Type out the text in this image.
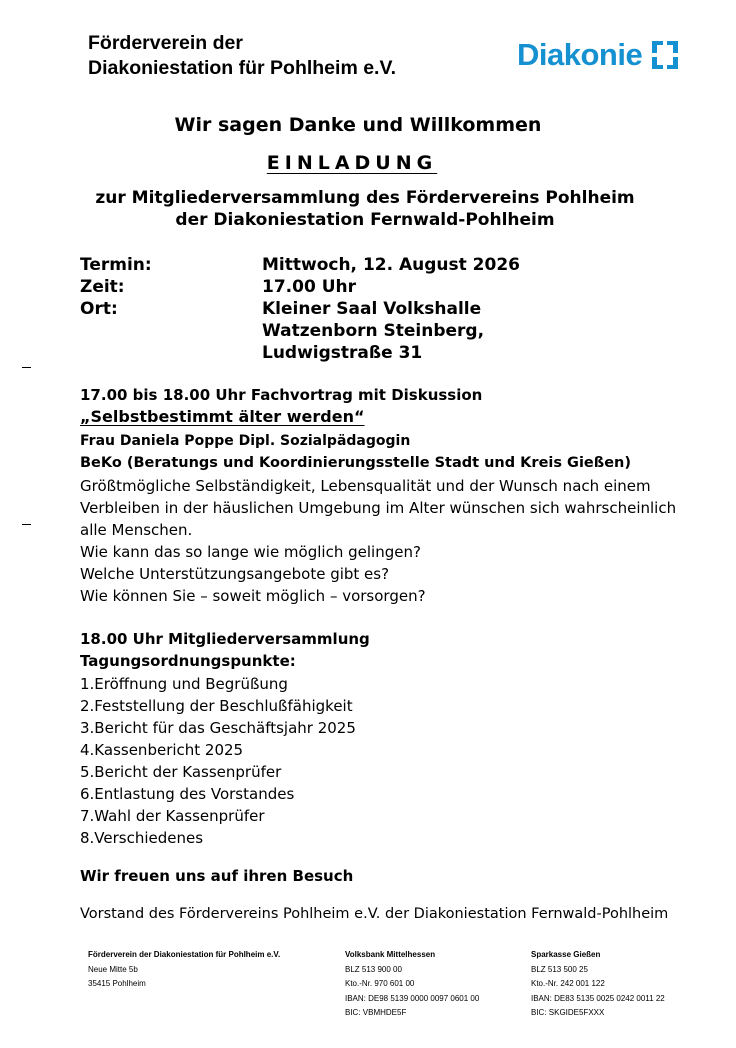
Förderverein der
Diakoniestation für Pohlheim e.V.	Diakonie
Wir sagen Danke und Willkommen
EINLADUNG
zur Mitgliederversammlung des Fördervereins Pohlheim
der Diakoniestation Fernwald-Pohlheim
Termin:	Mittwoch, 12. August 2026
Zeit:	17.00 Uhr
Ort:	Kleiner Saal Volkshalle
Watzenborn Steinberg,
Ludwigstraße 31
17.00 bis 18.00 Uhr Fachvortrag mit Diskussion
„Selbstbestimmt älter werden“
Frau Daniela Poppe Dipl. Sozialpädagogin
BeKo (Beratungs und Koordinierungsstelle Stadt und Kreis Gießen)
Größtmögliche Selbständigkeit, Lebensqualität und der Wunsch nach einem
Verbleiben in der häuslichen Umgebung im Alter wünschen sich wahrscheinlich
alle Menschen.
Wie kann das so lange wie möglich gelingen?
Welche Unterstützungsangebote gibt es?
Wie können Sie – soweit möglich – vorsorgen?
18.00 Uhr Mitgliederversammlung
Tagungsordnungspunkte:
1.Eröffnung und Begrüßung
2.Feststellung der Beschlußfähigkeit
3.Bericht für das Geschäftsjahr 2025
4.Kassenbericht 2025
5.Bericht der Kassenprüfer
6.Entlastung des Vorstandes
7.Wahl der Kassenprüfer
8.Verschiedenes
Wir freuen uns auf ihren Besuch
Vorstand des Fördervereins Pohlheim e.V. der Diakoniestation Fernwald-Pohlheim
Förderverein der Diakoniestation für Pohlheim e.V.
Neue Mitte 5b
35415 Pohlheim
Volksbank Mittelhessen
BLZ 513 900 00
Kto.-Nr. 970 601 00
IBAN: DE98 5139 0000 0097 0601 00
BIC: VBMHDE5F
Sparkasse Gießen
BLZ 513 500 25
Kto.-Nr. 242 001 122
IBAN: DE83 5135 0025 0242 0011 22
BIC: SKGIDE5FXXX
